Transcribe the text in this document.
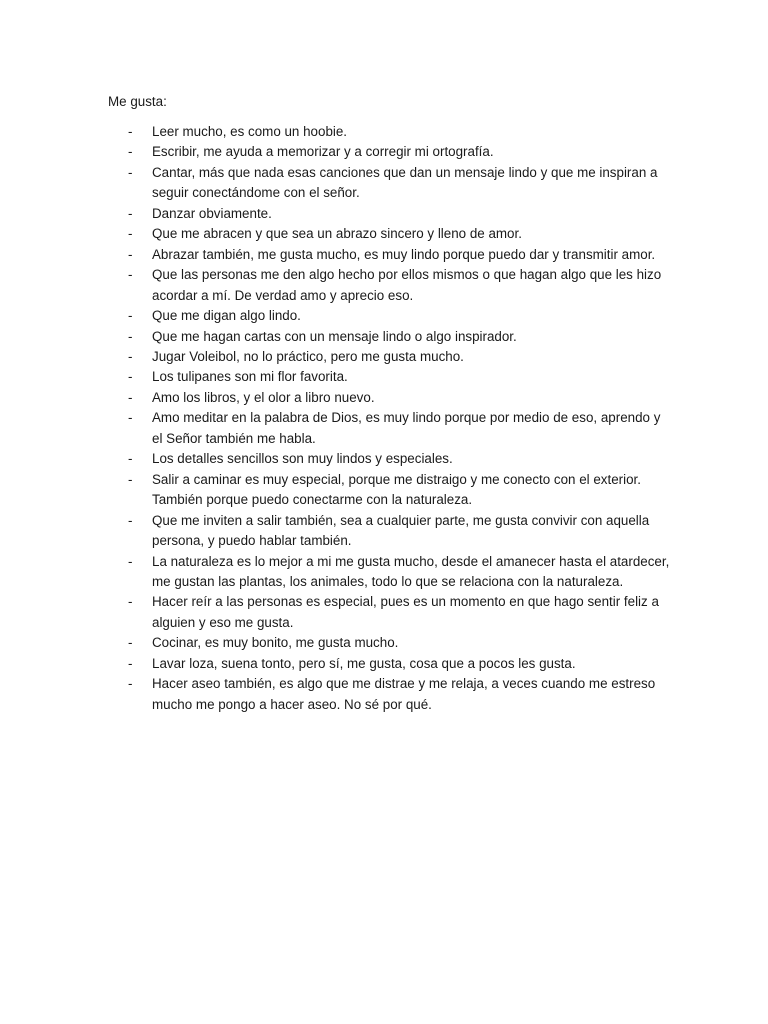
Me gusta:
- Leer mucho, es como un hoobie.
- Escribir, me ayuda a memorizar y a corregir mi ortografía.
- Cantar, más que nada esas canciones que dan un mensaje lindo y que me inspiran a seguir conectándome con el señor.
- Danzar obviamente.
- Que me abracen y que sea un abrazo sincero y lleno de amor.
- Abrazar también, me gusta mucho, es muy lindo porque puedo dar y transmitir amor.
- Que las personas me den algo hecho por ellos mismos o que hagan algo que les hizo acordar a mí. De verdad amo y aprecio eso.
- Que me digan algo lindo.
- Que me hagan cartas con un mensaje lindo o algo inspirador.
- Jugar Voleibol, no lo práctico, pero me gusta mucho.
- Los tulipanes son mi flor favorita.
- Amo los libros, y el olor a libro nuevo.
- Amo meditar en la palabra de Dios, es muy lindo porque por medio de eso, aprendo y el Señor también me habla.
- Los detalles sencillos son muy lindos y especiales.
- Salir a caminar es muy especial, porque me distraigo y me conecto con el exterior. También porque puedo conectarme con la naturaleza.
- Que me inviten a salir también, sea a cualquier parte, me gusta convivir con aquella persona, y puedo hablar también.
- La naturaleza es lo mejor a mi me gusta mucho, desde el amanecer hasta el atardecer, me gustan las plantas, los animales, todo lo que se relaciona con la naturaleza.
- Hacer reír a las personas es especial, pues es un momento en que hago sentir feliz a alguien y eso me gusta.
- Cocinar, es muy bonito, me gusta mucho.
- Lavar loza, suena tonto, pero sí, me gusta, cosa que a pocos les gusta.
- Hacer aseo también, es algo que me distrae y me relaja, a veces cuando me estreso mucho me pongo a hacer aseo. No sé por qué.
